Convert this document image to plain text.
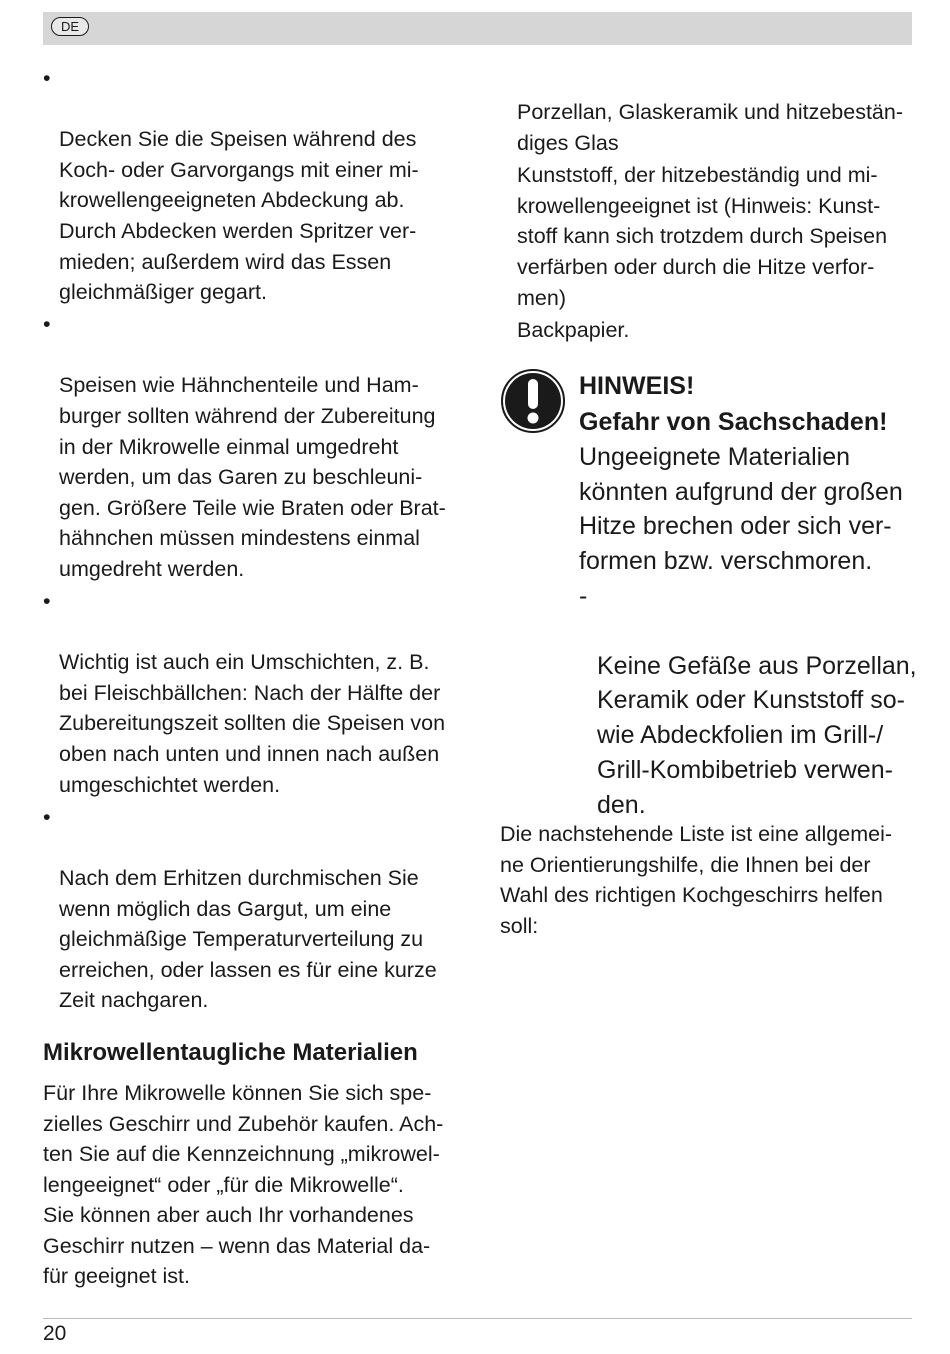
DE

•

Decken Sie die Speisen während des
Koch- oder Garvorgangs mit einer mi-
krowellengeeigneten Abdeckung ab.
Durch Abdecken werden Spritzer ver-
mieden; außerdem wird das Essen
gleichmäßiger gegart.

•

Speisen wie Hähnchenteile und Ham-
burger sollten während der Zubereitung
in der Mikrowelle einmal umgedreht
werden, um das Garen zu beschleuni-
gen. Größere Teile wie Braten oder Brat-
hähnchen müssen mindestens einmal
umgedreht werden.

•

Wichtig ist auch ein Umschichten, z. B.
bei Fleischbällchen: Nach der Hälfte der
Zubereitungszeit sollten die Speisen von
oben nach unten und innen nach außen
umgeschichtet werden.

•

Nach dem Erhitzen durchmischen Sie
wenn möglich das Gargut, um eine
gleichmäßige Temperaturverteilung zu
erreichen, oder lassen es für eine kurze
Zeit nachgaren.

Mikrowellentaugliche Materialien
Für Ihre Mikrowelle können Sie sich spe-
zielles Geschirr und Zubehör kaufen. Ach-
ten Sie auf die Kennzeichnung „mikrowel-
lengeeignet“ oder „für die Mikrowelle“.
Sie können aber auch Ihr vorhandenes
Geschirr nutzen – wenn das Material da-
für geeignet ist.
Porzellan, Glaskeramik und hitzebestän-
diges Glas
Kunststoff, der hitzebeständig und mi-
krowellengeeignet ist (Hinweis: Kunst-
stoff kann sich trotzdem durch Speisen
verfärben oder durch die Hitze verfor-
men)
Backpapier.
HINWEIS!
Gefahr von Sachschaden!
Ungeeignete Materialien
könnten aufgrund der großen
Hitze brechen oder sich ver-
formen bzw. verschmoren.

-

Keine Gefäße aus Porzellan,
Keramik oder Kunststoff so-
wie Abdeckfolien im Grill-/
Grill-Kombibetrieb verwen-
den.

Die nachstehende Liste ist eine allgemei-
ne Orientierungshilfe, die Ihnen bei der
Wahl des richtigen Kochgeschirrs helfen
soll:
20
